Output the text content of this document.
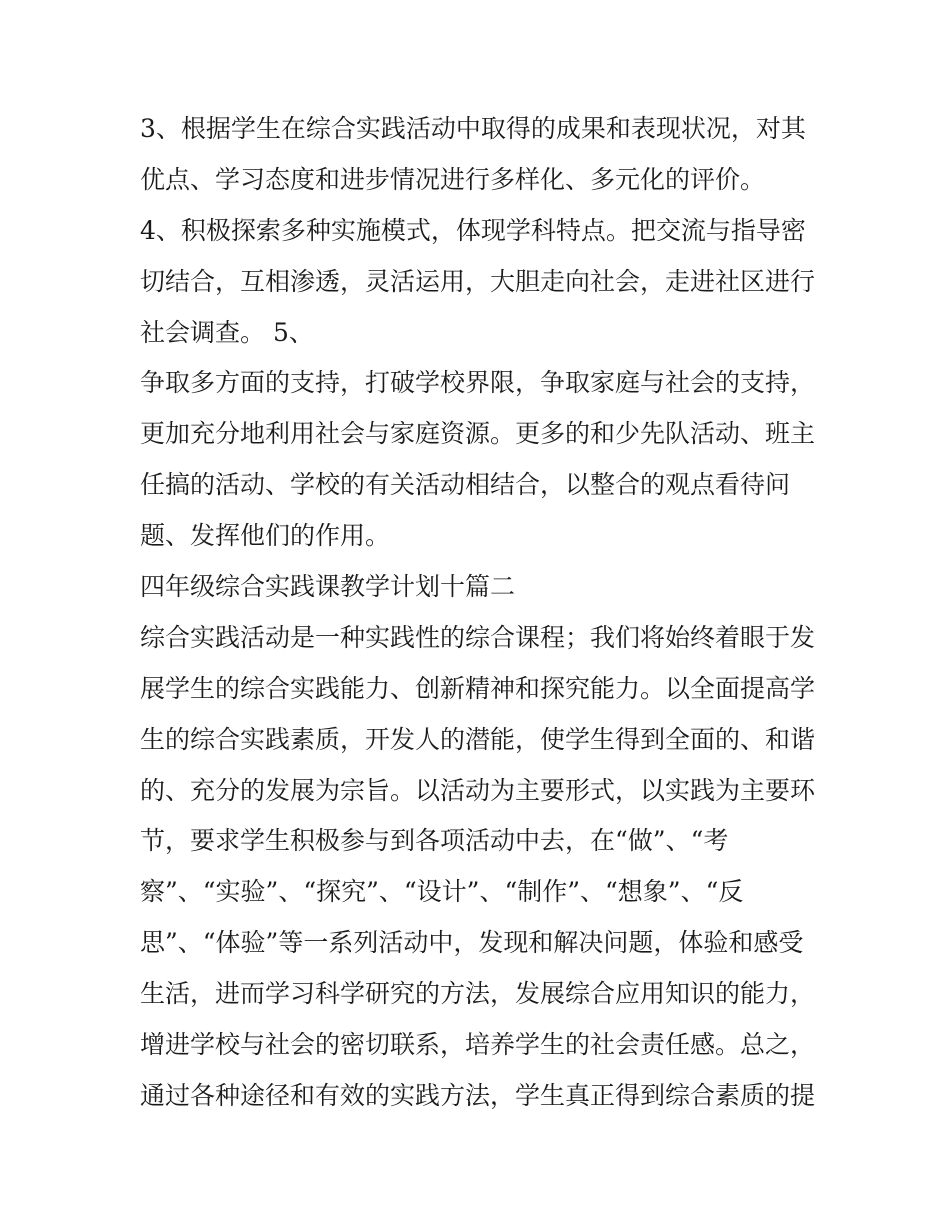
3、根据学生在综合实践活动中取得的成果和表现状况，对其
优点、学习态度和进步情况进行多样化、多元化的评价。
4、积极探索多种实施模式，体现学科特点。把交流与指导密
切结合，互相渗透，灵活运用，大胆走向社会，走进社区进行
社会调查。 5、
争取多方面的支持，打破学校界限，争取家庭与社会的支持，
更加充分地利用社会与家庭资源。更多的和少先队活动、班主
任搞的活动、学校的有关活动相结合，以整合的观点看待问
题、发挥他们的作用。
四年级综合实践课教学计划十篇二
综合实践活动是一种实践性的综合课程；我们将始终着眼于发
展学生的综合实践能力、创新精神和探究能力。以全面提高学
生的综合实践素质，开发人的潜能，使学生得到全面的、和谐
的、充分的发展为宗旨。以活动为主要形式，以实践为主要环
节，要求学生积极参与到各项活动中去，在“做”、“考
察”、“实验”、“探究”、“设计”、“制作”、“想象”、“反
思”、“体验”等一系列活动中，发现和解决问题，体验和感受
生活，进而学习科学研究的方法，发展综合应用知识的能力，
增进学校与社会的密切联系，培养学生的社会责任感。总之，
通过各种途径和有效的实践方法，学生真正得到综合素质的提
